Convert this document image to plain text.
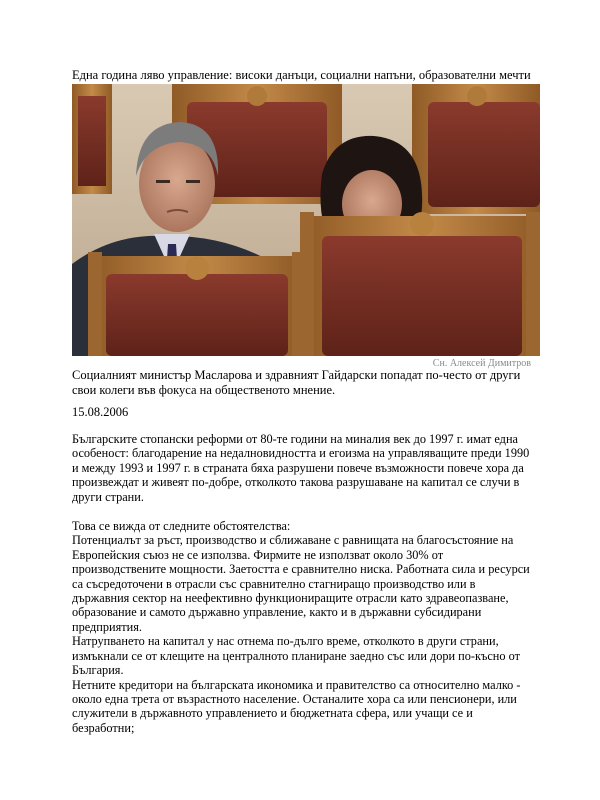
Една година ляво управление: високи данъци, социални напъни, образователни мечти
Сн. Алексей Димитров
Социалният министър Масларова и здравният Гайдарски попадат по-често от други свои колеги във фокуса на общественото мнение.
15.08.2006

Българските стопански реформи от 80-те години на миналия век до 1997 г. имат една

особеност: благодарение на недалновидността и егоизма на управляващите преди 1990

и между 1993 и 1997 г. в страната бяха разрушени повече възможности повече хора да

произвеждат и живеят по-добре, отколкото такова разрушаване на капитал се случи в

други страни.

Това се вижда от следните обстоятелства:

Потенциалът за ръст, производство и сближаване с равнищата на благосъстояние на

Европейския съюз не се използва. Фирмите не използват около 30% от

производствените мощности. Заетостта е сравнително ниска. Работната сила и ресурси

са съсредоточени в отрасли със сравнително стагниращо производство или в

държавния сектор на неефективно функциониращите отрасли като здравеопазване,

образование и самото държавно управление, както и в държавни субсидирани

предприятия.

Натрупването на капитал у нас отнема по-дълго време, отколкото в други страни,

измъкнали се от клещите на централното планиране заедно със или дори по-късно от

България.

Нетните кредитори на българската икономика и правителство са относително малко -

около една трета от възрастното население. Останалите хора са или пенсионери, или

служители в държавното управлението и бюджетната сфера, или учащи се и

безработни;
